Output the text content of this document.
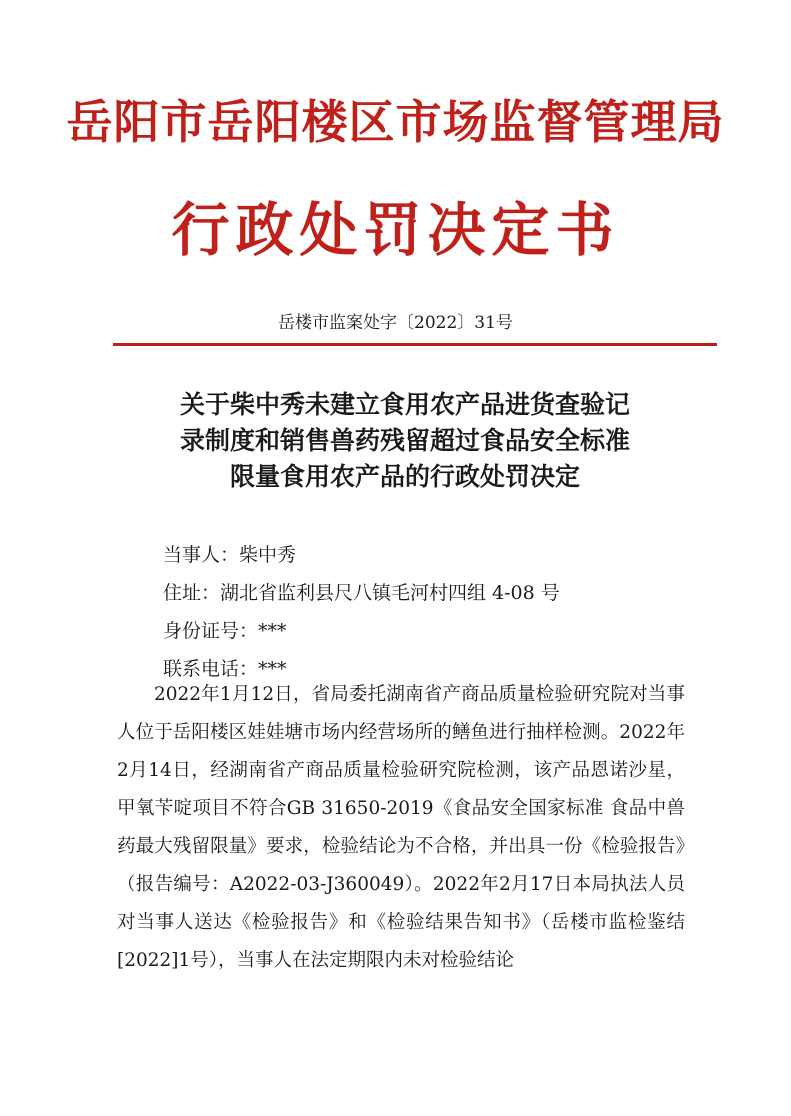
岳阳市岳阳楼区市场监督管理局
行政处罚决定书
岳楼市监案处字〔2022〕31号
关于柴中秀未建立食用农产品进货查验记
录制度和销售兽药残留超过食品安全标准
限量食用农产品的行政处罚决定
当事人：柴中秀
住址：湖北省监利县尺八镇毛河村四组 4-08 号
身份证号：***
联系电话：***

2022年1月12日，省局委托湖南省产商品质量检验研究院对当事人位于岳阳楼区娃娃塘市场内经营场所的鳝鱼进行抽样检测。2022年2月14日，经湖南省产商品质量检验研究院检测，该产品恩诺沙星，甲氧苄啶项目不符合GB 31650-2019《食品安全国家标准 食品中兽药最大残留限量》要求，检验结论为不合格，并出具一份《检验报告》（报告编号：A2022-03-J360049）。2022年2月17日本局执法人员对当事人送达《检验报告》和《检验结果告知书》（岳楼市监检鉴结[2022]1号），当事人在法定期限内未对检验结论
